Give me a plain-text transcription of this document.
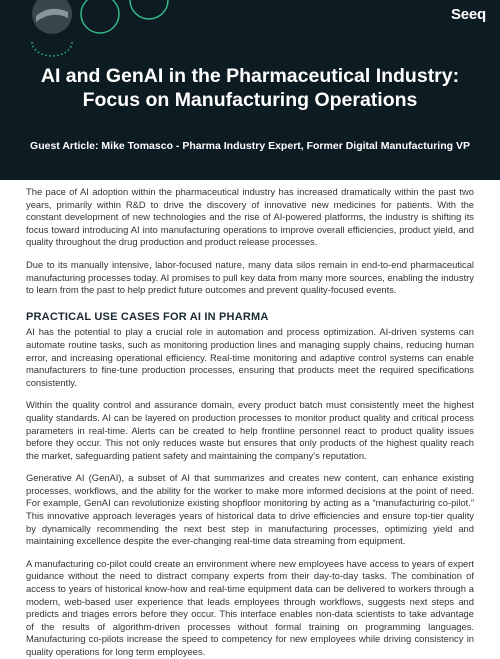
Seeq
AI and GenAI in the Pharmaceutical Industry:
Focus on Manufacturing Operations
Guest Article: Mike Tomasco - Pharma Industry Expert, Former Digital Manufacturing VP

The pace of AI adoption within the pharmaceutical industry has increased dramatically within the past two years, primarily within R&D to drive the discovery of innovative new medicines for patients. With the constant development of new technologies and the rise of AI-powered platforms, the industry is shifting its focus toward introducing AI into manufacturing operations to improve overall efficiencies, product yield, and quality throughout the drug production and product release processes.

Due to its manually intensive, labor-focused nature, many data silos remain in end-to-end pharmaceutical manufacturing processes today. AI promises to pull key data from many more sources, enabling the industry to learn from the past to help predict future outcomes and prevent quality-focused events.

PRACTICAL USE CASES FOR AI IN PHARMA

AI has the potential to play a crucial role in automation and process optimization. AI-driven systems can automate routine tasks, such as monitoring production lines and managing supply chains, reducing human error, and increasing operational efficiency. Real-time monitoring and adaptive control systems can enable manufacturers to fine-tune production processes, ensuring that products meet the required specifications consistently.

Within the quality control and assurance domain, every product batch must consistently meet the highest quality standards. AI can be layered on production processes to monitor product quality and critical process parameters in real-time. Alerts can be created to help frontline personnel react to product quality issues before they occur. This not only reduces waste but ensures that only products of the highest quality reach the market, safeguarding patient safety and maintaining the company’s reputation.

Generative AI (GenAI), a subset of AI that summarizes and creates new content, can enhance existing processes, workflows, and the ability for the worker to make more informed decisions at the point of need. For example, GenAI can revolutionize existing shopfloor monitoring by acting as a “manufacturing co-pilot.” This innovative approach leverages years of historical data to drive efficiencies and ensure top-tier quality by dynamically recommending the next best step in manufacturing processes, optimizing yield and maintaining excellence despite the ever-changing real-time data streaming from equipment.

A manufacturing co-pilot could create an environment where new employees have access to years of expert guidance without the need to distract company experts from their day-to-day tasks. The combination of access to years of historical know-how and real-time equipment data can be delivered to workers through a modern, web-based user experience that leads employees through workflows, suggests next steps and predicts and triages errors before they occur. This interface enables non-data scientists to take advantage of the results of algorithm-driven processes without formal training on programming languages. Manufacturing co-pilots increase the speed to competency for new employees while driving consistency in quality operations for long term employees.
